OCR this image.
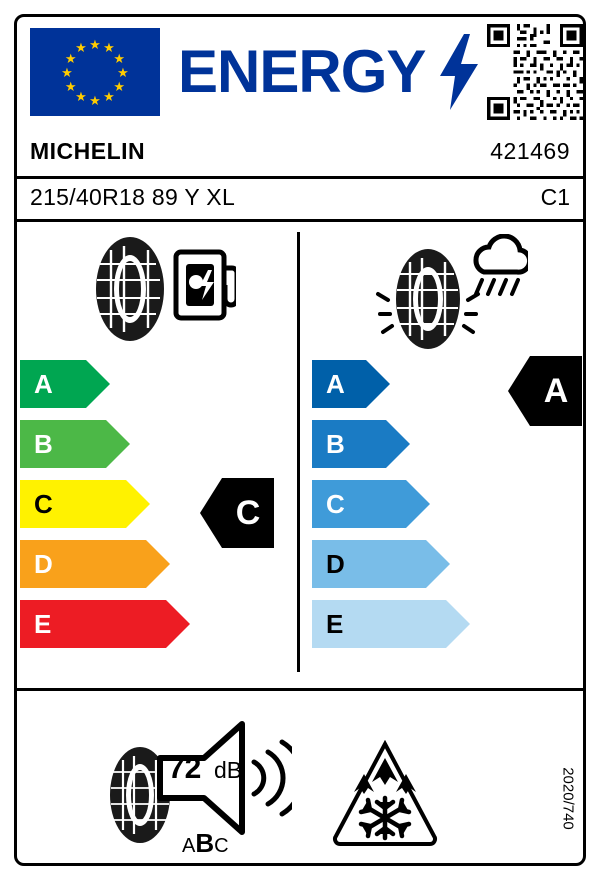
★ ★
★
★
★
★
★
★
★
★
★
★ ENERGY
MICHELIN	421469
215/40R18 89 Y XL	C1
A
B
C
D
E
C
A
B
C
D
E
A
72 dB
ABC
2020/740
